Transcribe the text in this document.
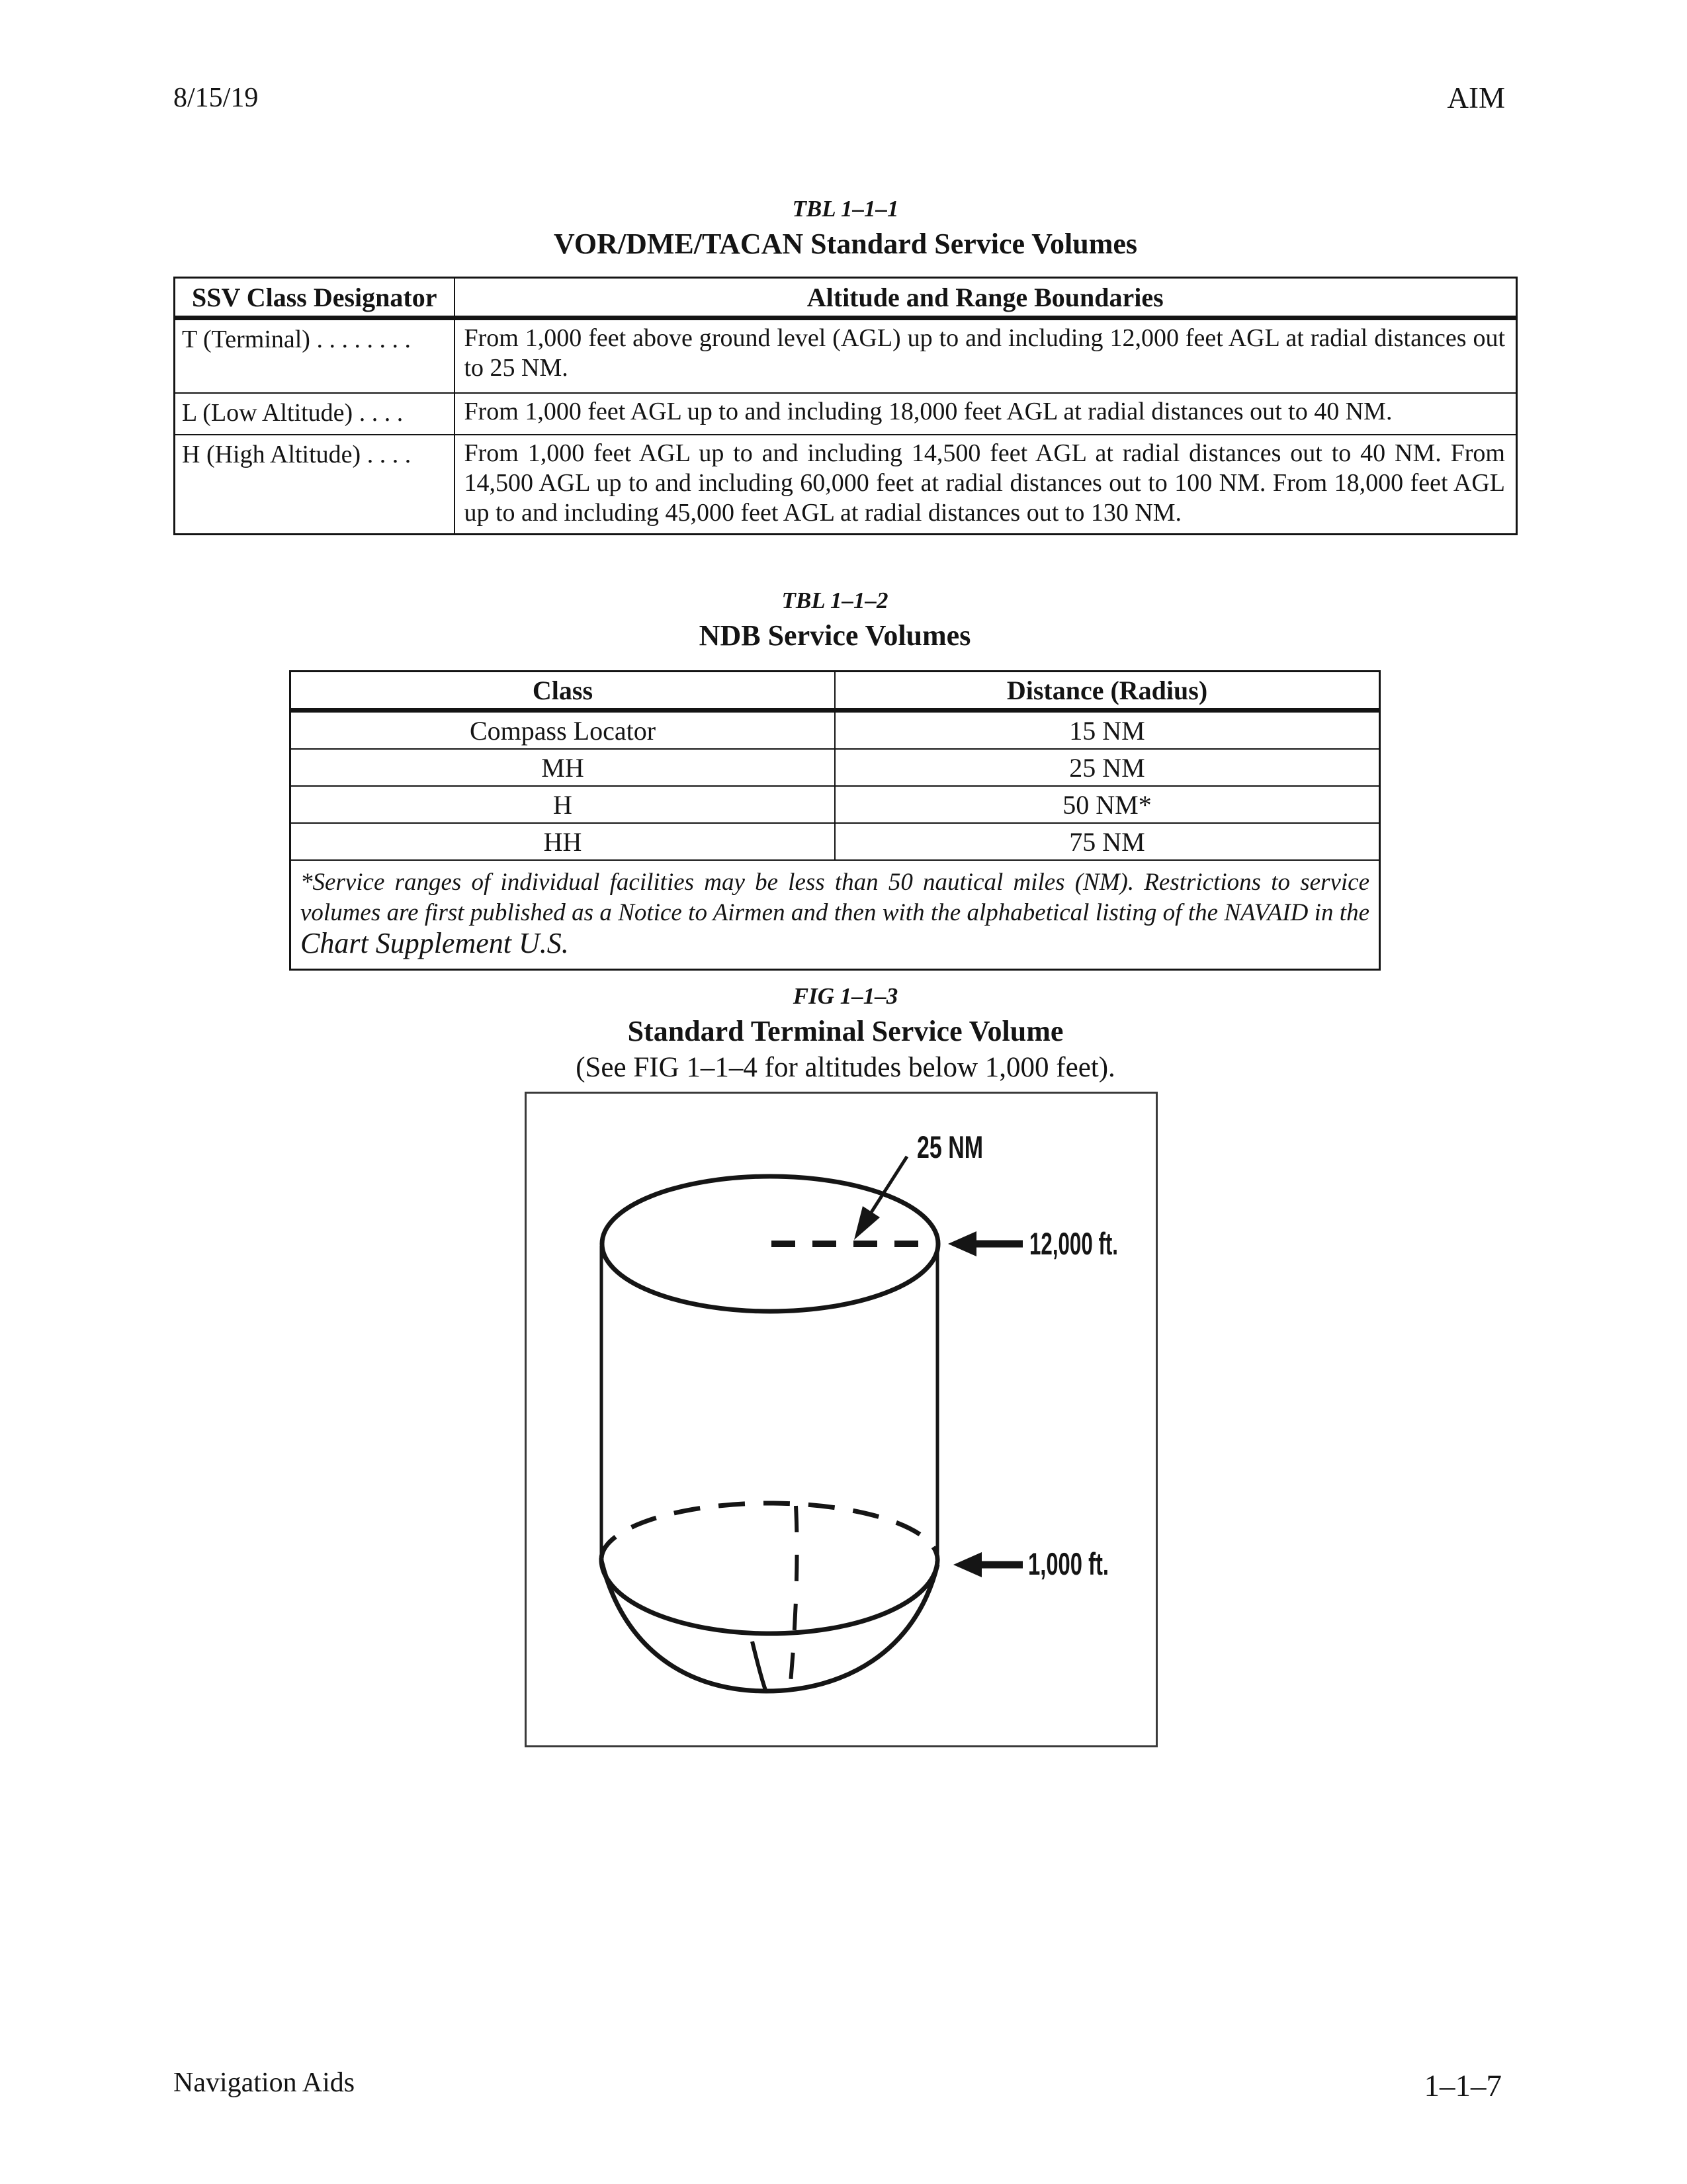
8/15/19	AIM
TBL 1–1–1
VOR/DME/TACAN Standard Service Volumes
SSV Class Designator	Altitude and Range Boundaries
T (Terminal) . . . . . . . .	From 1,000 feet above ground level (AGL) up to and including 12,000 feet AGL at radial distances out to 25 NM.
L (Low Altitude) . . . .	From 1,000 feet AGL up to and including 18,000 feet AGL at radial distances out to 40 NM.
H (High Altitude) . . . .	From 1,000 feet AGL up to and including 14,500 feet AGL at radial distances out to 40 NM. From 14,500 AGL up to and including 60,000 feet at radial distances out to 100 NM. From 18,000 feet AGL up to and including 45,000 feet AGL at radial distances out to 130 NM.
TBL 1–1–2
NDB Service Volumes
Class	Distance (Radius)
Compass Locator	15 NM
MH	25 NM
H	50 NM*
HH	75 NM
*Service ranges of individual facilities may be less than 50 nautical miles (NM). Restrictions to service volumes are first published as a Notice to Airmen and then with the alphabetical listing of the NAVAID in the Chart Supplement U.S.	
FIG 1–1–3
Standard Terminal Service Volume
(See FIG 1–1–4 for altitudes below 1,000 feet).
25 NM
12,000 ft.
1,000 ft.
Navigation Aids	1–1–7
